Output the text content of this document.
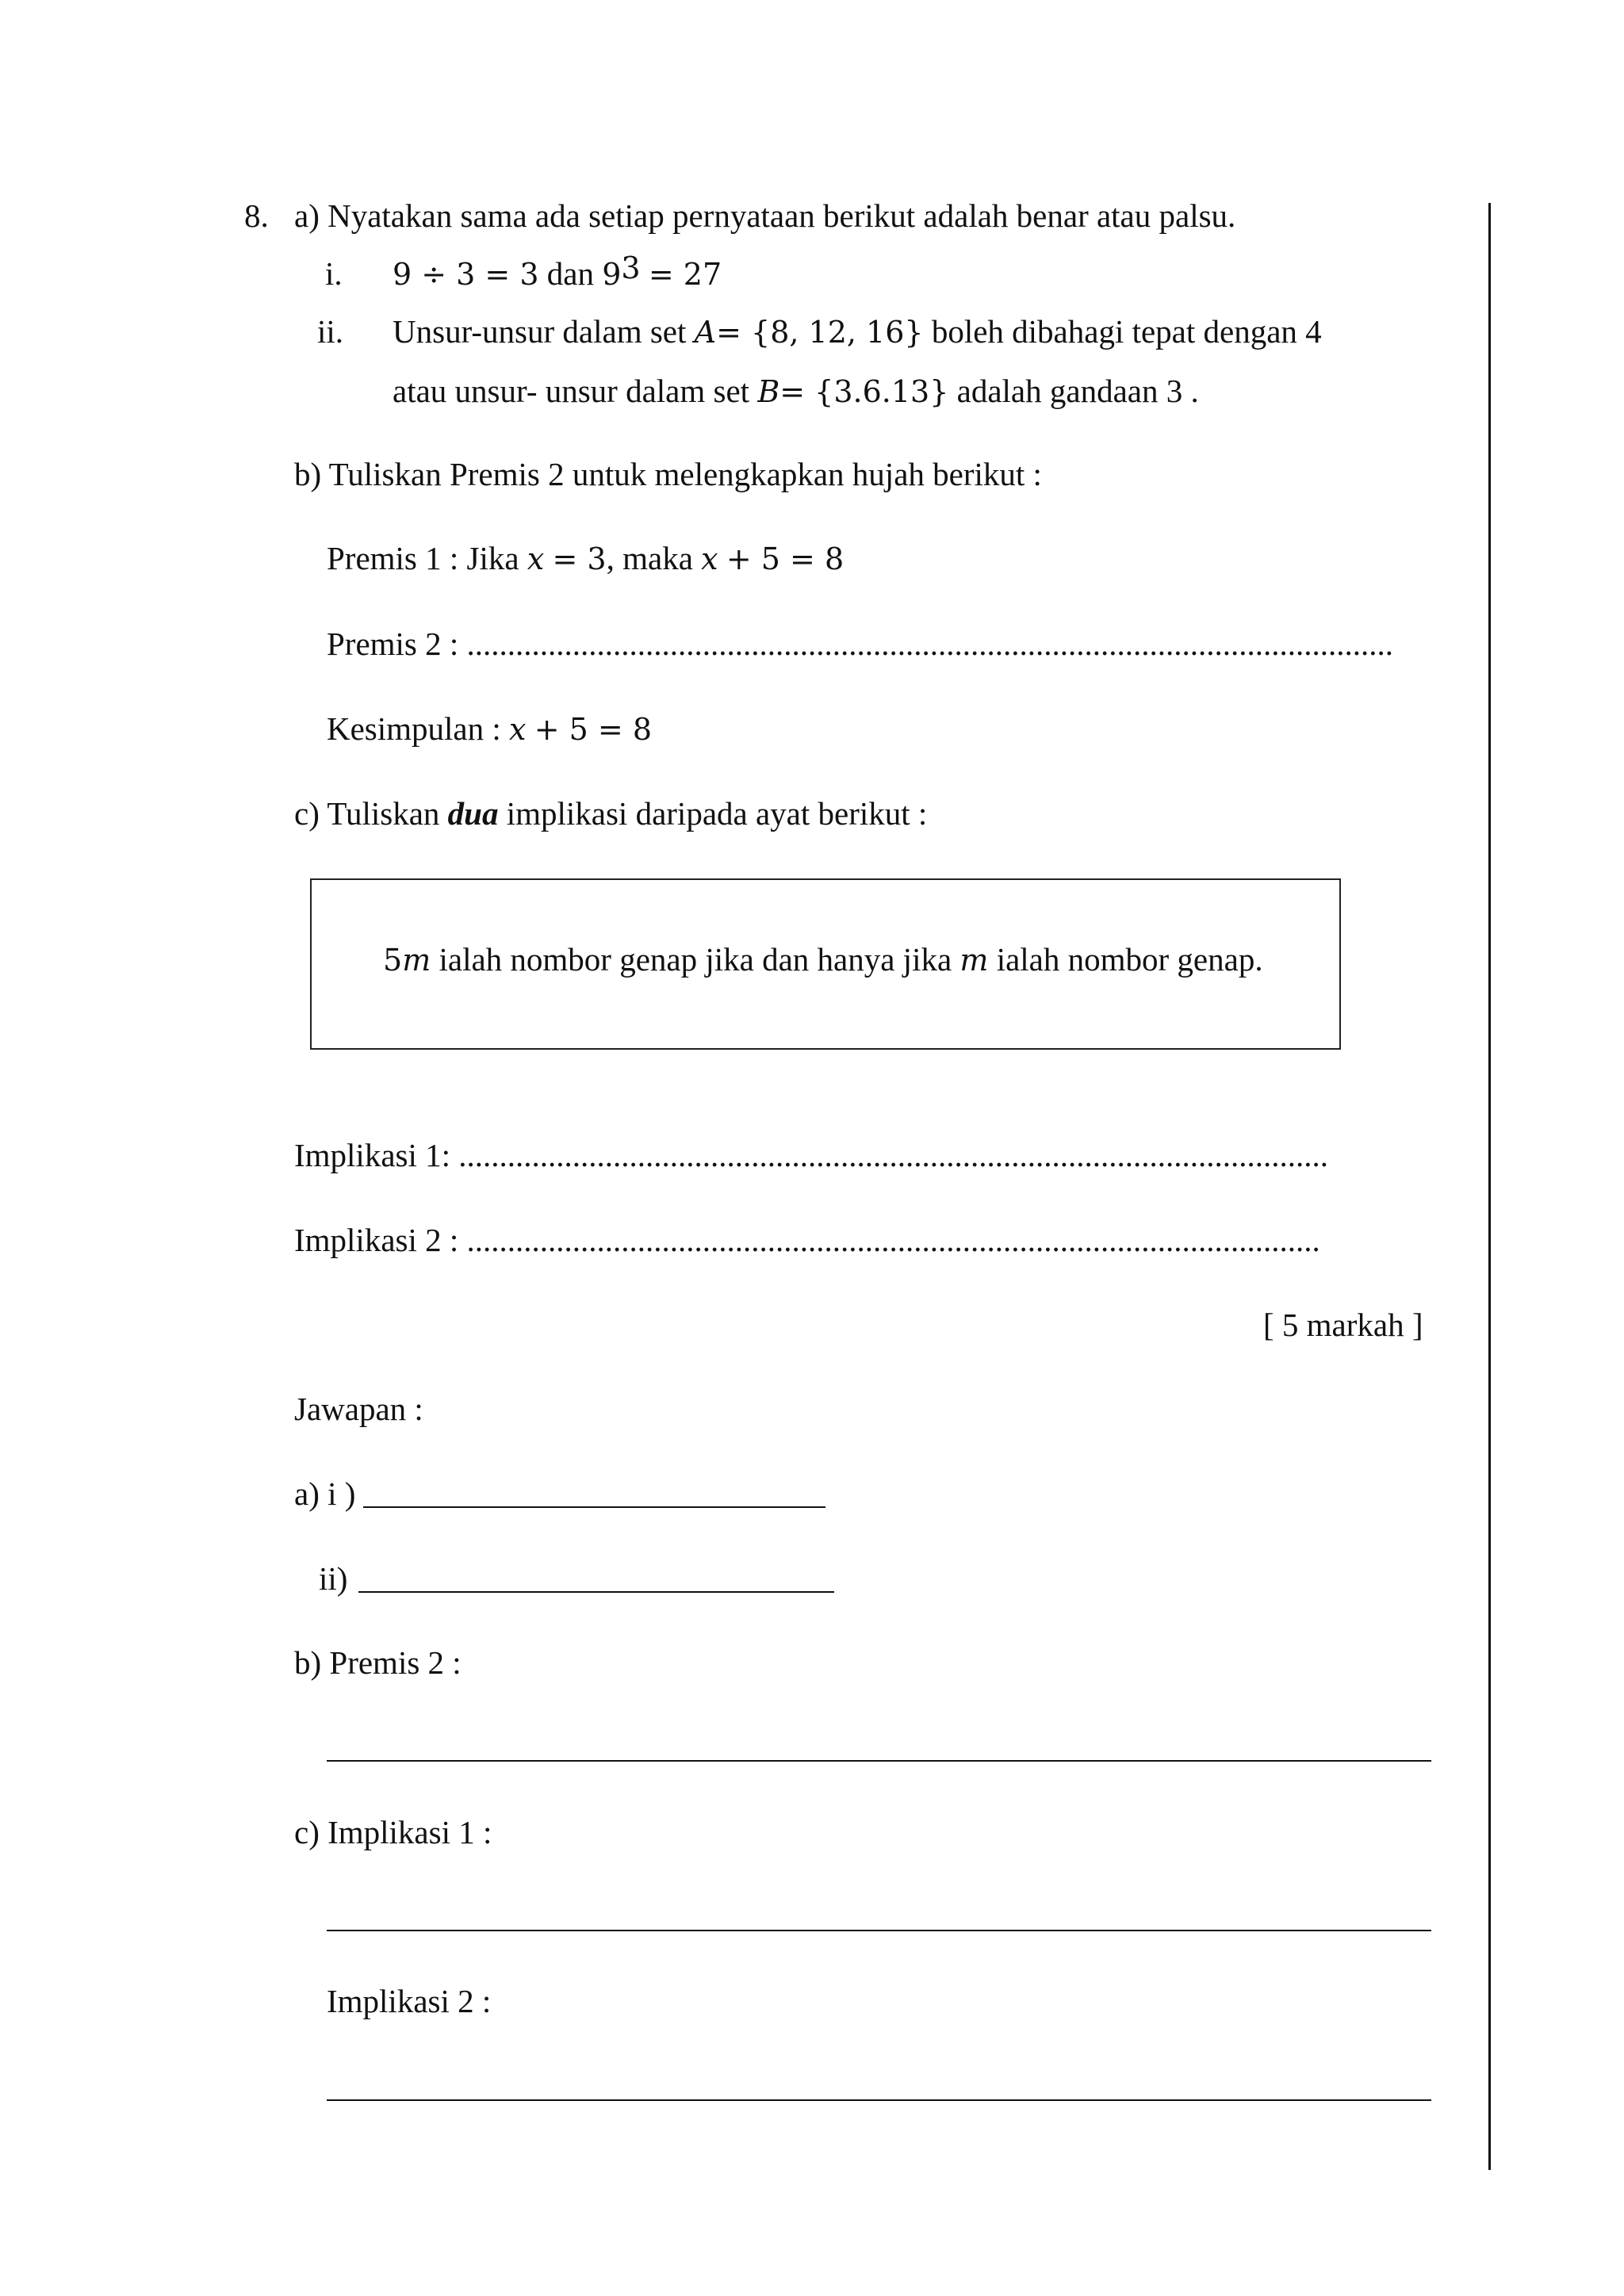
8. a) Nyatakan sama ada setiap pernyataan berikut adalah benar atau palsu.
i. 9 ÷ 3 = 3 dan $9^3 = 27$
ii. Unsur-unsur dalam set A= {8, 12, 16} boleh dibahagi tepat dengan 4
atau unsur- unsur dalam set B= {3.6.13} adalah gandaan 3 .
b) Tuliskan Premis 2 untuk melengkapkan hujah berikut :
Premis 1 : Jika x = 3, maka x + 5 = 8
Premis 2 : ..................................................................................................................
Kesimpulan : x + 5 = 8
c) Tuliskan dua implikasi daripada ayat berikut :
5m ialah nombor genap jika dan hanya jika m ialah nombor genap.
Implikasi 1: ...........................................................................................................
Implikasi 2 : .........................................................................................................
[ 5 markah ]
Jawapan :
a) i )
ii)
b) Premis 2 :
c) Implikasi 1 :
Implikasi 2 :
